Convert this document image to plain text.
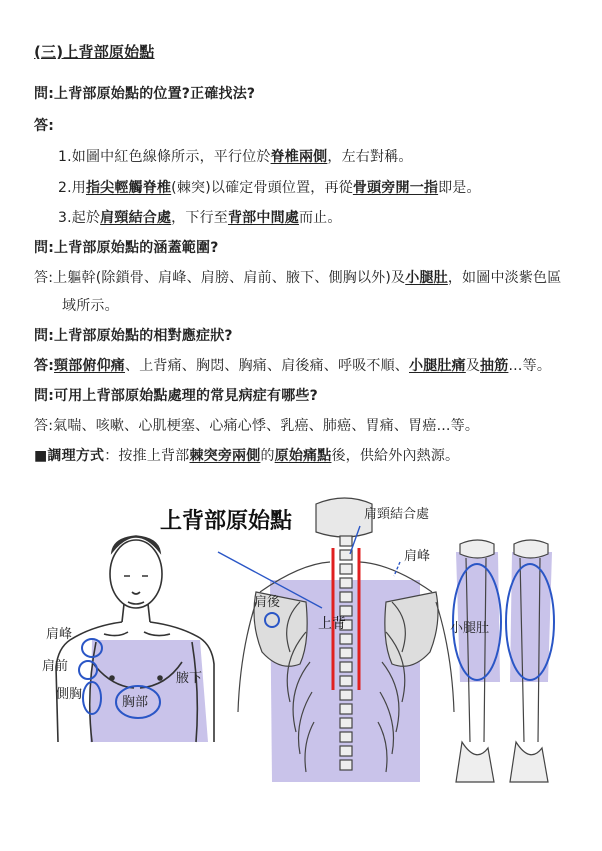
(三)上背部原始點
問:上背部原始點的位置?正確找法?
答:
1.如圖中紅色線條所示，平行位於脊椎兩側，左右對稱。
2.用指尖輕觸脊椎(棘突)以確定骨頭位置，再從骨頭旁開一指即是。
3.起於肩頸結合處，下行至背部中間處而止。
問:上背部原始點的涵蓋範圍?
答:上軀幹(除鎖骨、肩峰、肩膀、肩前、腋下、側胸以外)及小腿肚，如圖中淡紫色區
域所示。
問:上背部原始點的相對應症狀?
答:頸部俯仰痛、上背痛、胸悶、胸痛、肩後痛、呼吸不順、小腿肚痛及抽筋…等。
問:可用上背部原始點處理的常見病症有哪些?
答:氣喘、咳嗽、心肌梗塞、心痛心悸、乳癌、肺癌、胃痛、胃癌…等。
■調理方式：按推上背部棘突旁兩側的原始痛點後，供給外內熱源。
上背部原始點	肩頸結合處
肩峰
肩後
上背	小腿肚
肩峰
肩前
側胸
胸部
腋下
